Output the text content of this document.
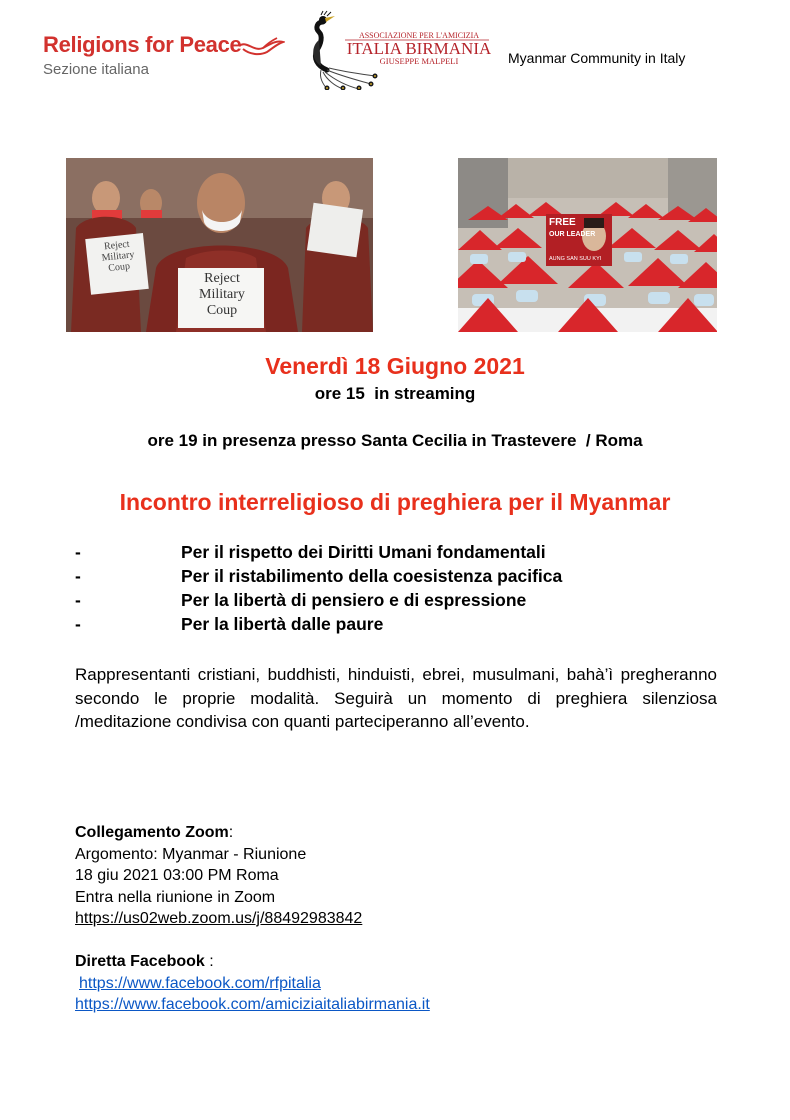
Religions for Peace
Sezione italiana
ASSOCIAZIONE PER L'AMICIZIA
ITALIA BIRMANIA
GIUSEPPE MALPELI	Myanmar Community in Italy
Reject
Military
Coup
Reject
Military
Coup
FREE
OUR LEADER
AUNG SAN SUU KYI
Venerdì 18 Giugno 2021
ore 15  in streaming
ore 19 in presenza presso Santa Cecilia in Trastevere  / Roma
Incontro interreligioso di preghiera per il Myanmar
-	Per il rispetto dei Diritti Umani fondamentali
-	Per il ristabilimento della coesistenza pacifica
-	Per la libertà di pensiero e di espressione
-	Per la libertà dalle paure
Rappresentanti cristiani, buddhisti, hinduisti, ebrei, musulmani, bahà’ì pregheranno secondo le proprie modalità. Seguirà un momento di preghiera silenziosa /meditazione condivisa con quanti parteciperanno all’evento.
Collegamento Zoom:
Argomento: Myanmar - Riunione
18 giu 2021 03:00 PM Roma
Entra nella riunione in Zoom
https://us02web.zoom.us/j/88492983842
Diretta Facebook :
https://www.facebook.com/rfpitalia
https://www.facebook.com/amiciziaitaliabirmania.it
